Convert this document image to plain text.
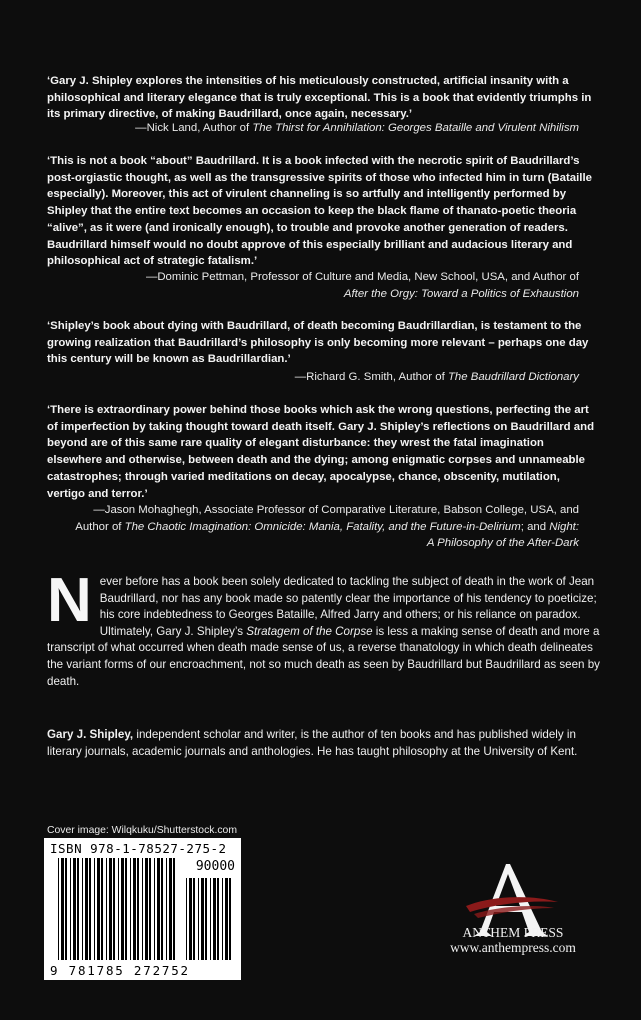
‘Gary J. Shipley explores the intensities of his meticulously constructed, artificial insanity with a philosophical and literary elegance that is truly exceptional. This is a book that evidently triumphs in its primary directive, of making Baudrillard, once again, necessary.’

—Nick Land, Author of The Thirst for Annihilation: Georges Bataille and Virulent Nihilism

‘This is not a book “about” Baudrillard. It is a book infected with the necrotic spirit of Baudrillard’s post-orgiastic thought, as well as the transgressive spirits of those who infected him in turn (Bataille especially). Moreover, this act of virulent channeling is so artfully and intelligently performed by Shipley that the entire text becomes an occasion to keep the black flame of thanato-poetic theoria “alive”, as it were (and ironically enough), to trouble and provoke another generation of readers. Baudrillard himself would no doubt approve of this especially brilliant and audacious literary and philosophical act of strategic fatalism.’

—Dominic Pettman, Professor of Culture and Media, New School, USA, and Author of
After the Orgy: Toward a Politics of Exhaustion

‘Shipley’s book about dying with Baudrillard, of death becoming Baudrillardian, is testament to the growing realization that Baudrillard’s philosophy is only becoming more relevant – perhaps one day this century will be known as Baudrillardian.’

—Richard G. Smith, Author of The Baudrillard Dictionary

‘There is extraordinary power behind those books which ask the wrong questions, perfecting the art of imperfection by taking thought toward death itself. Gary J. Shipley’s reflections on Baudrillard and beyond are of this same rare quality of elegant disturbance: they wrest the fatal imagination elsewhere and otherwise, between death and the dying; among enigmatic corpses and unnameable catastrophes; through varied meditations on decay, apocalypse, chance, obscenity, mutilation, vertigo and terror.’

—Jason Mohaghegh, Associate Professor of Comparative Literature, Babson College, USA, and
Author of The Chaotic Imagination: Omnicide: Mania, Fatality, and the Future-in-Delirium; and Night:
A Philosophy of the After-Dark
Never before has a book been solely dedicated to tackling the subject of death in the work of Jean Baudrillard, nor has any book made so patently clear the importance of his tendency to poeticize; his core indebtedness to Georges Bataille, Alfred Jarry and others; or his reliance on paradox. Ultimately, Gary J. Shipley’s Stratagem of the Corpse is less a making sense of death and more a transcript of what occurred when death made sense of us, a reverse thanatology in which death delineates the variant forms of our encroachment, not so much death as seen by Baudrillard but Baudrillard as seen by death.
Gary J. Shipley, independent scholar and writer, is the author of ten books and has published widely in literary journals, academic journals and anthologies. He has taught philosophy at the University of Kent.
Cover image: Wilqkuku/Shutterstock.com
ISBN 978-1-78527-275-2
90000
9 781785 272752
ANTHEM PRESS
www.anthempress.com
